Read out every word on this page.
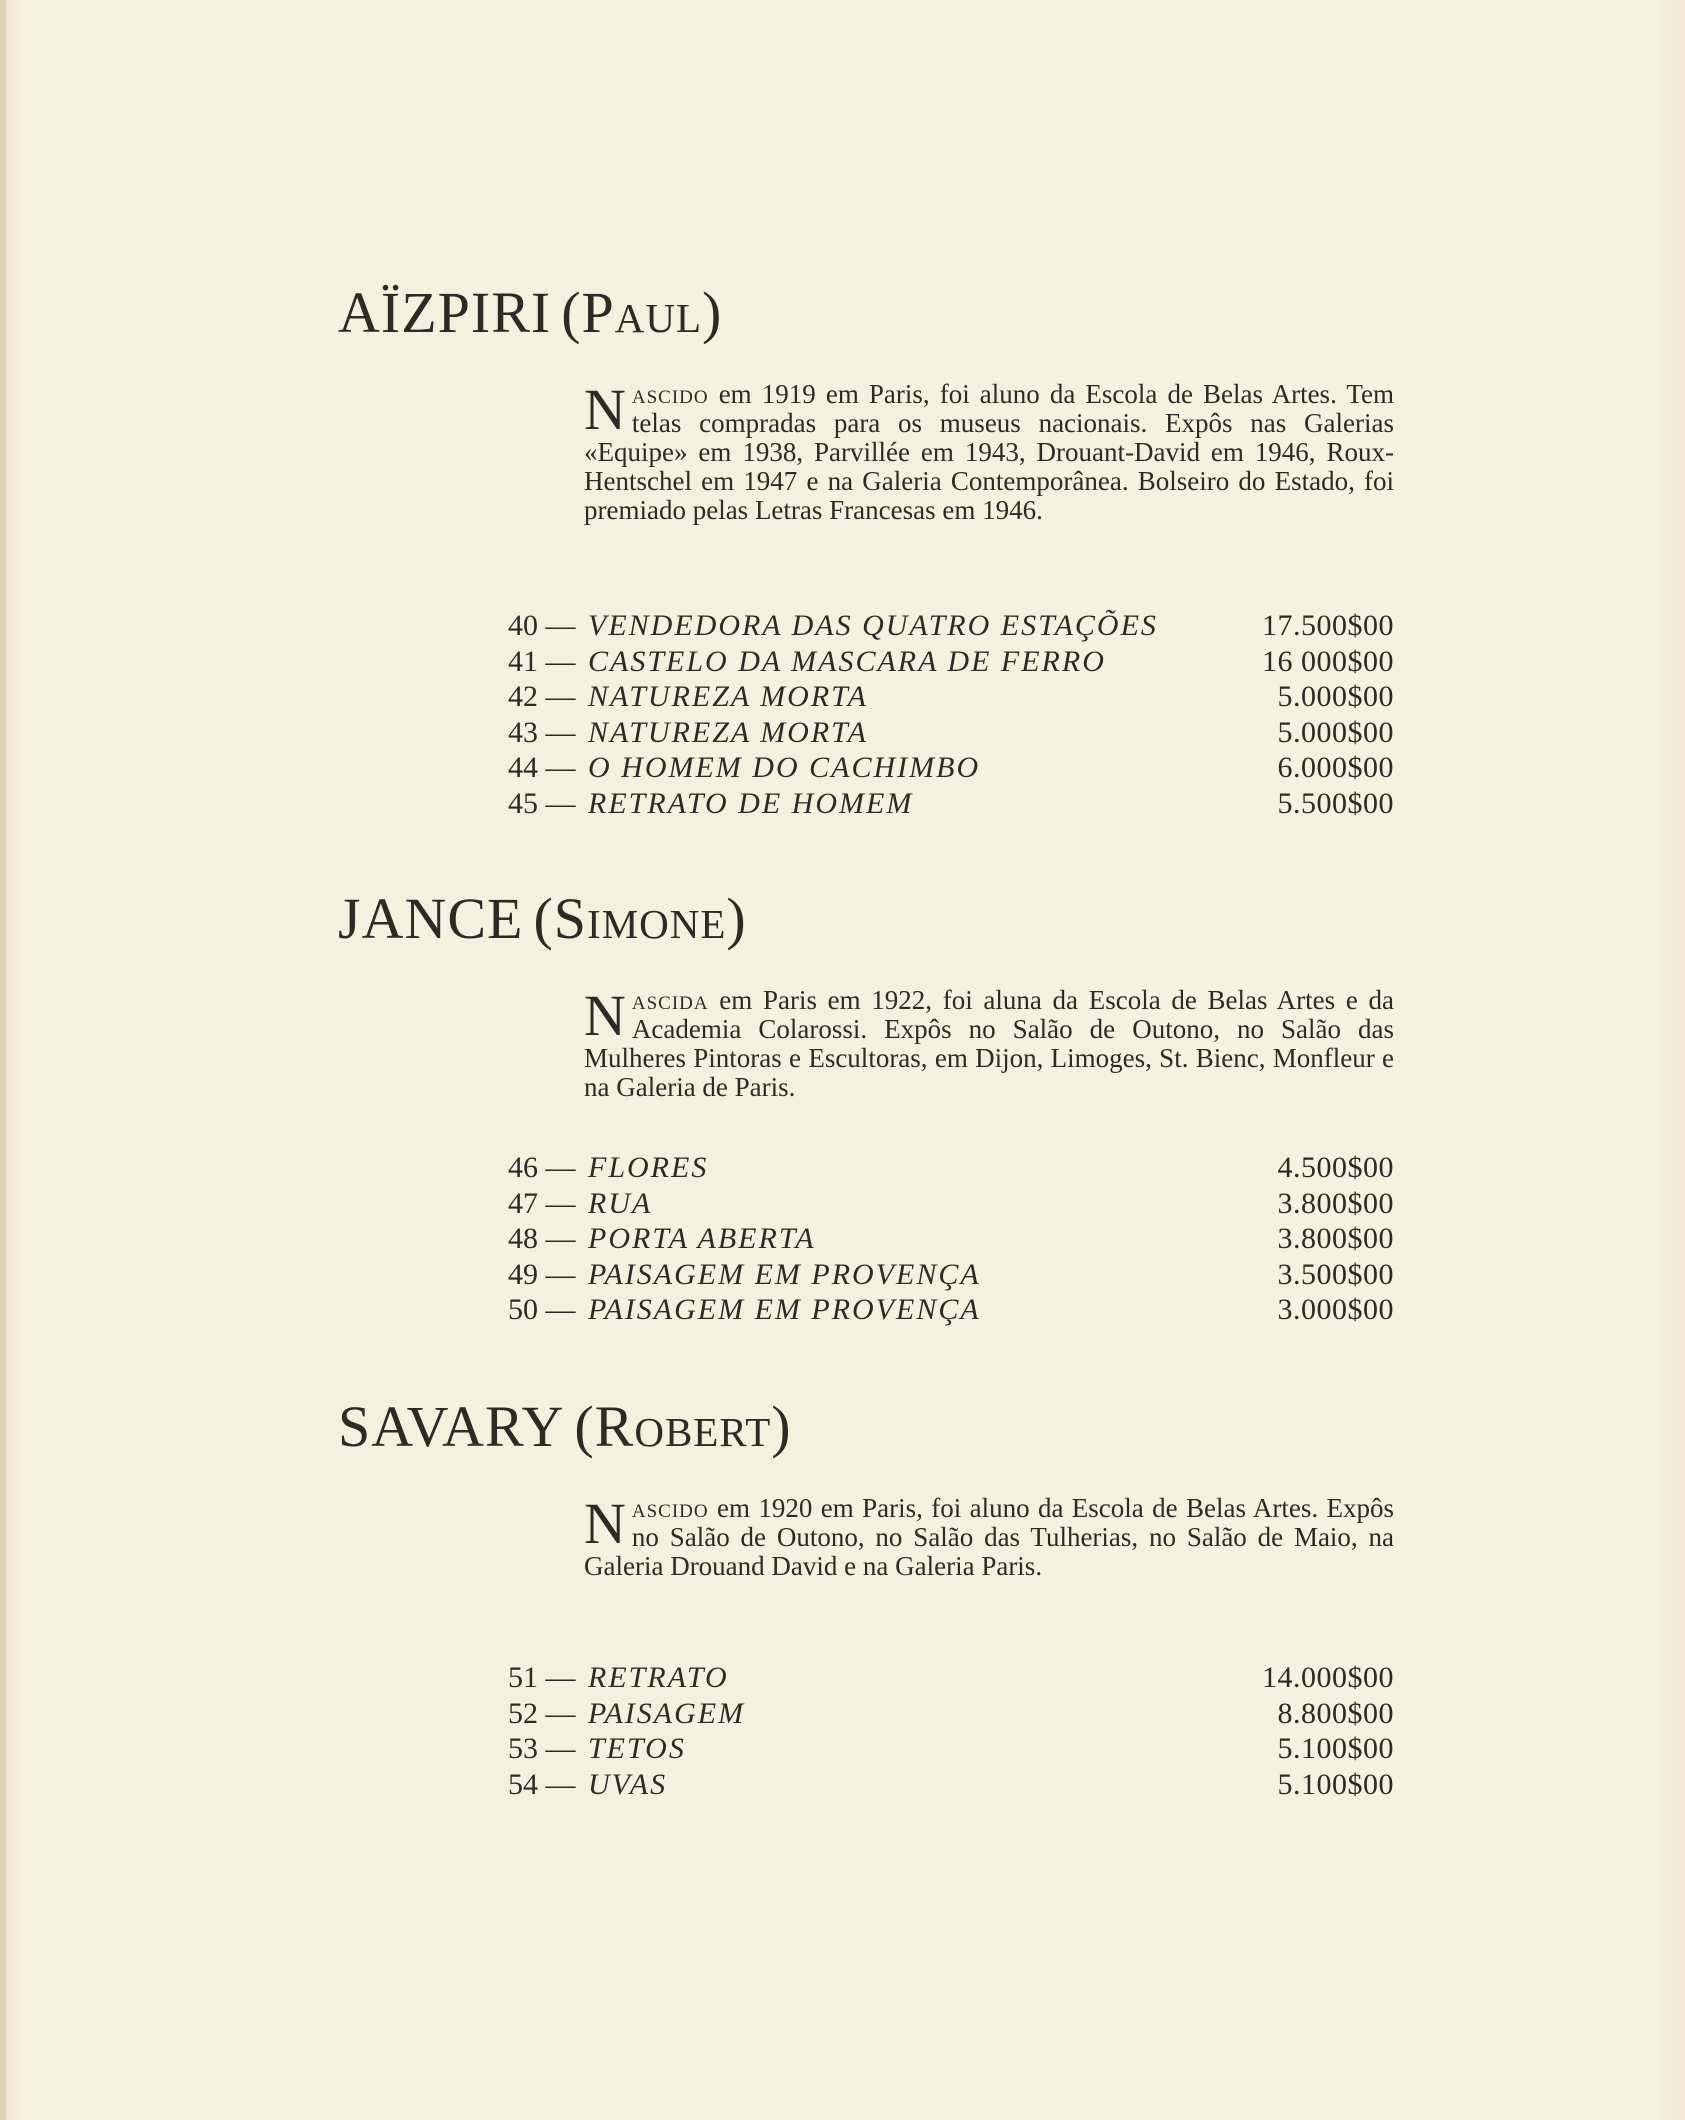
AÏZPIRI (Paul)
Nascido em 1919 em Paris, foi aluno da Escola de Belas Artes. Tem telas compradas para os museus nacionais. Expôs nas Galerias «Equipe» em 1938, Parvillée em 1943, Drouant-David em 1946, Roux-Hentschel em 1947 e na Galeria Contemporânea. Bolseiro do Estado, foi premiado pelas Letras Francesas em 1946.
40 — VENDEDORA DAS QUATRO ESTAÇÕES	17.500$00
41 — CASTELO DA MASCARA DE FERRO	16 000$00
42 — NATUREZA MORTA	5.000$00
43 — NATUREZA MORTA	5.000$00
44 — O HOMEM DO CACHIMBO	6.000$00
45 — RETRATO DE HOMEM	5.500$00
JANCE (Simone)
Nascida em Paris em 1922, foi aluna da Escola de Belas Artes e da Academia Colarossi. Expôs no Salão de Outono, no Salão das Mulheres Pintoras e Escultoras, em Dijon, Limoges, St. Bienc, Monfleur e na Galeria de Paris.
46 — FLORES	4.500$00
47 — RUA	3.800$00
48 — PORTA ABERTA	3.800$00
49 — PAISAGEM EM PROVENÇA	3.500$00
50 — PAISAGEM EM PROVENÇA	3.000$00
SAVARY (Robert)
Nascido em 1920 em Paris, foi aluno da Escola de Belas Artes. Expôs no Salão de Outono, no Salão das Tulherias, no Salão de Maio, na Galeria Drouand David e na Galeria Paris.
51 — RETRATO	14.000$00
52 — PAISAGEM	8.800$00
53 — TETOS	5.100$00
54 — UVAS	5.100$00
